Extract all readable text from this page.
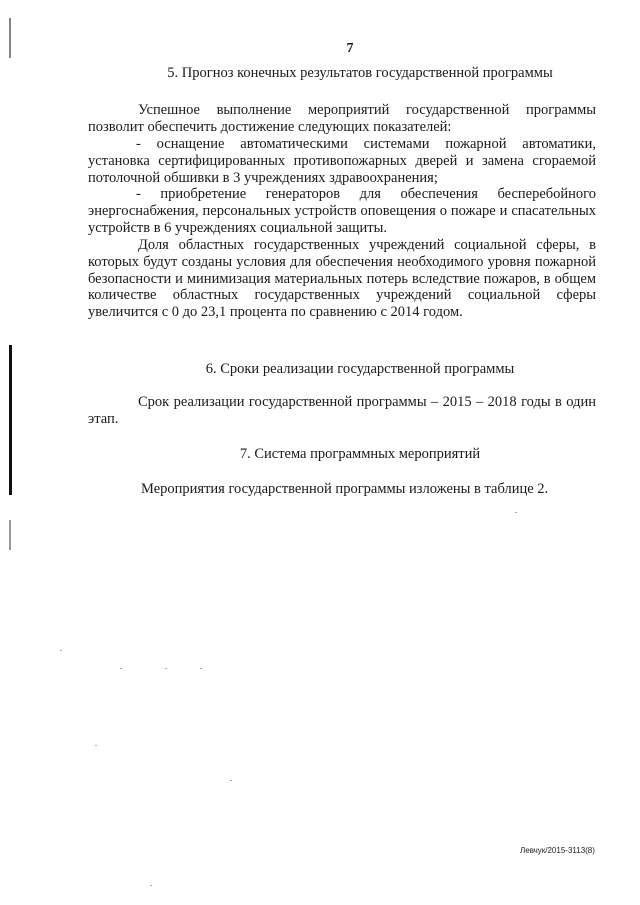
7
5. Прогноз конечных результатов государственной программы
Успешное выполнение мероприятий государственной программы позволит обеспечить достижение следующих показателей:
- оснащение автоматическими системами пожарной автоматики, установка сертифицированных противопожарных дверей и замена сгораемой потолочной обшивки в 3 учреждениях здравоохранения;
- приобретение генераторов для обеспечения бесперебойного энергоснабжения, персональных устройств оповещения о пожаре и спасательных устройств в 6 учреждениях социальной защиты.
Доля областных государственных учреждений социальной сферы, в которых будут созданы условия для обеспечения необходимого уровня пожарной безопасности и минимизация материальных потерь вследствие пожаров, в общем количестве областных государственных учреждений социальной сферы увеличится с 0 до 23,1 процента по сравнению с 2014 годом.
6. Сроки реализации государственной программы
Срок реализации государственной программы – 2015 – 2018 годы в один этап.
7. Система программных мероприятий
Мероприятия государственной программы изложены в таблице 2.
Левчук/2015-3113(8)
